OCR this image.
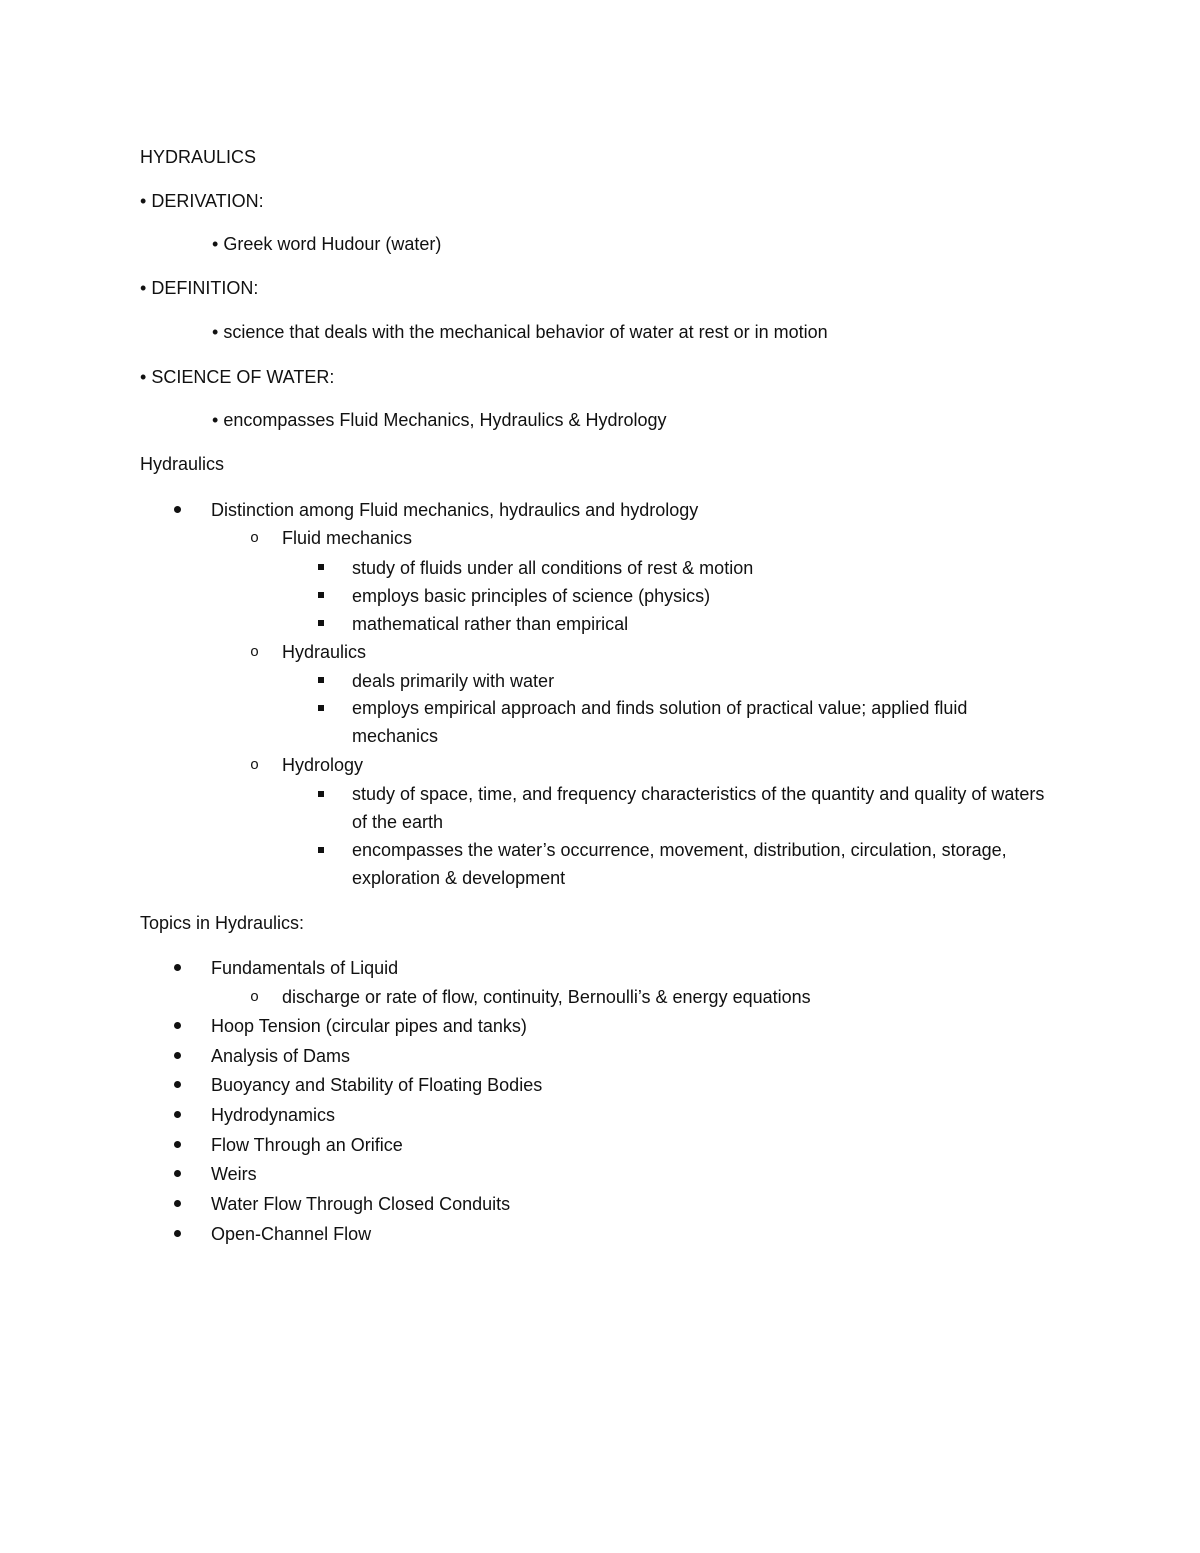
HYDRAULICS
• DERIVATION:
• Greek word Hudour (water)
• DEFINITION:
• science that deals with the mechanical behavior of water at rest or in motion
• SCIENCE OF WATER:
• encompasses Fluid Mechanics, Hydraulics & Hydrology
Hydraulics
Distinction among Fluid mechanics, hydraulics and hydrology
o Fluid mechanics
study of fluids under all conditions of rest & motion
employs basic principles of science (physics)
mathematical rather than empirical
o Hydraulics
deals primarily with water
employs empirical approach and finds solution of practical value; applied fluid mechanics
o Hydrology
study of space, time, and frequency characteristics of the quantity and quality of waters of the earth
encompasses the water’s occurrence, movement, distribution, circulation, storage, exploration & development
Topics in Hydraulics:
Fundamentals of Liquid
o discharge or rate of flow, continuity, Bernoulli’s & energy equations
Hoop Tension (circular pipes and tanks)
Analysis of Dams
Buoyancy and Stability of Floating Bodies
Hydrodynamics
Flow Through an Orifice
Weirs
Water Flow Through Closed Conduits
Open-Channel Flow
